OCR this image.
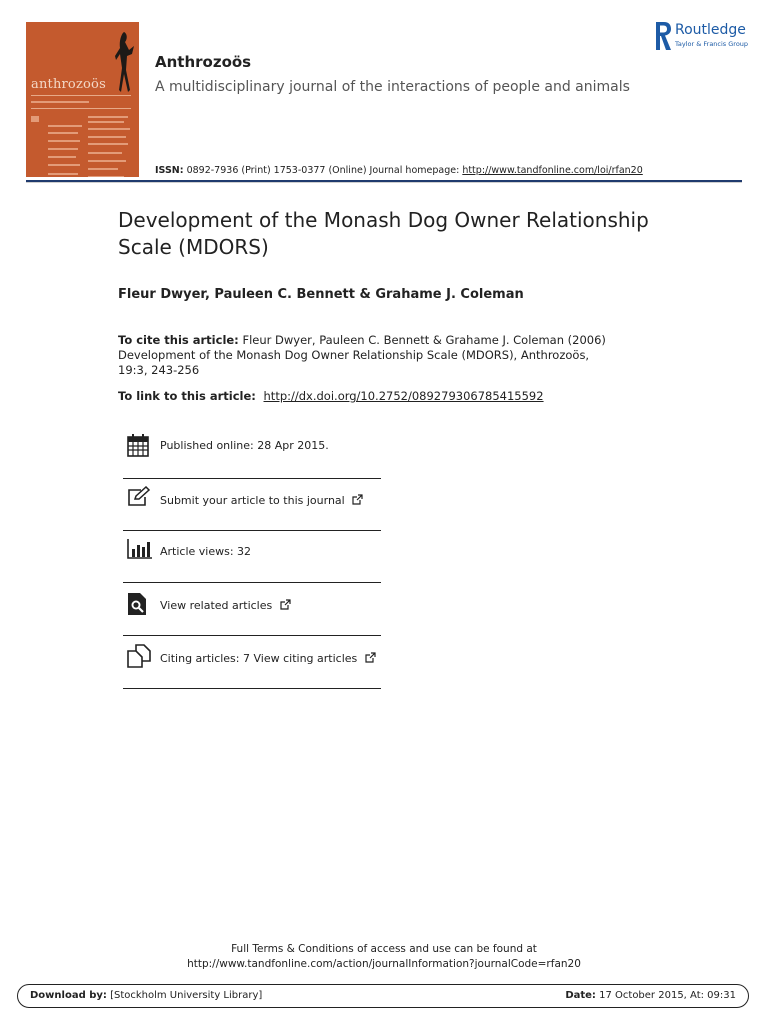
anthrozoös
Anthrozoös
A multidisciplinary journal of the interactions of people and animals
Routledge
Taylor & Francis Group
ISSN: 0892-7936 (Print) 1753-0377 (Online) Journal homepage: http://www.tandfonline.com/loi/rfan20
Development of the Monash Dog Owner Relationship Scale (MDORS)
Fleur Dwyer, Pauleen C. Bennett & Grahame J. Coleman
To cite this article: Fleur Dwyer, Pauleen C. Bennett & Grahame J. Coleman (2006) Development of the Monash Dog Owner Relationship Scale (MDORS), Anthrozoös, 19:3, 243-256
To link to this article: http://dx.doi.org/10.2752/089279306785415592
Published online: 28 Apr 2015.
Submit your article to this journal
Article views: 32
View related articles
Citing articles: 7 View citing articles
Full Terms & Conditions of access and use can be found at
http://www.tandfonline.com/action/journalInformation?journalCode=rfan20
Download by: [Stockholm University Library]	Date: 17 October 2015, At: 09:31
